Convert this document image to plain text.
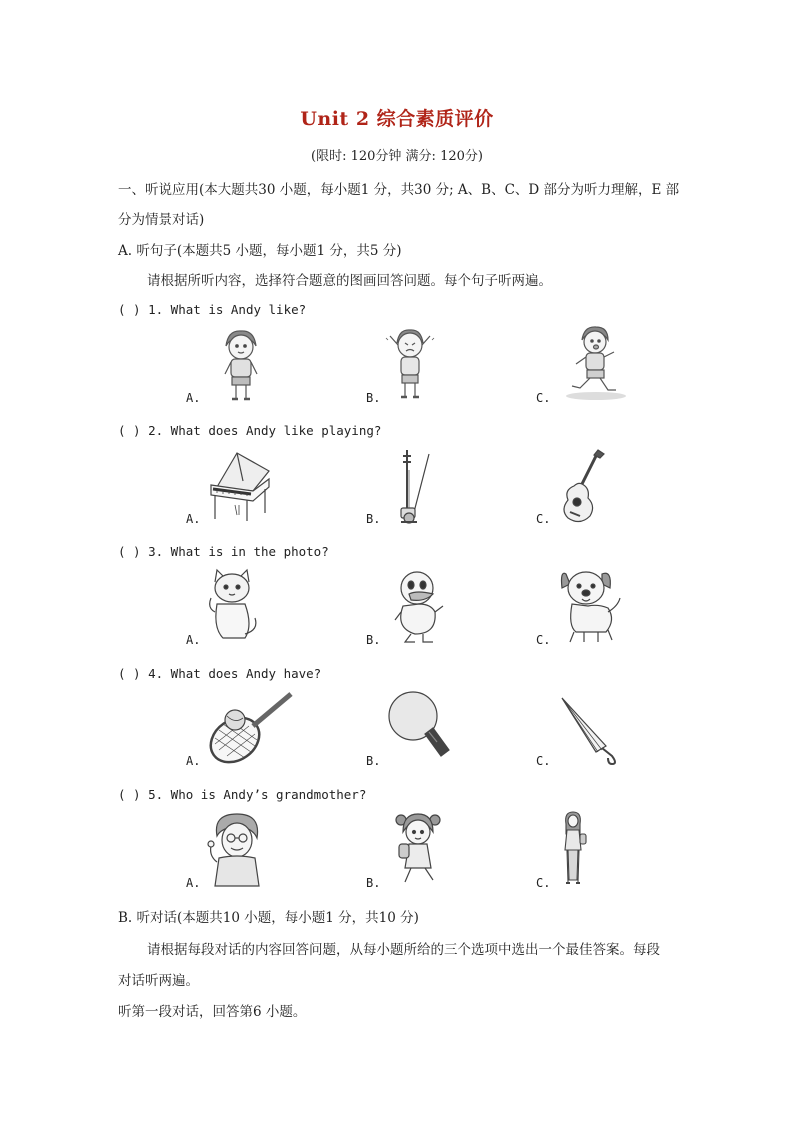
Unit 2 综合素质评价
(限时: 120分钟 满分: 120分)
一、听说应用(本大题共30 小题，每小题1 分，共30 分; A、B、C、D 部分为听力理解，E 部
分为情景对话)
A. 听句子(本题共5 小题，每小题1 分，共5 分)
请根据所听内容，选择符合题意的图画回答问题。每个句子听两遍。
( ) 1. What is Andy like?
A.	B.	C.
( ) 2. What does Andy like playing?
A.	B.	C.
( ) 3. What is in the photo?
A.	B.	C.
( ) 4. What does Andy have?
A.	B.	C.
( ) 5. Who is Andy’s grandmother?
A.	B.	C.
B. 听对话(本题共10 小题，每小题1 分，共10 分)
请根据每段对话的内容回答问题，从每小题所给的三个选项中选出一个最佳答案。每段
对话听两遍。
听第一段对话，回答第6 小题。
